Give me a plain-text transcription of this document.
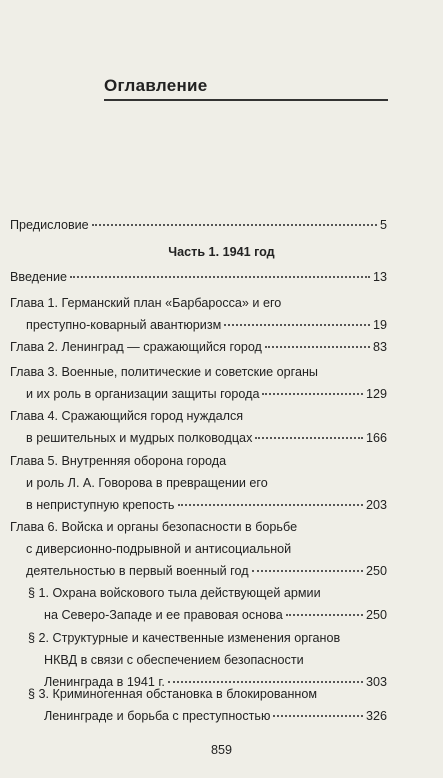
Оглавление
Предисловие	5
Часть 1. 1941 год
Введение	13
Глава 1. Германский план «Барбаросса» и его
преступно-коварный авантюризм	19
Глава 2. Ленинград — сражающийся город	83
Глава 3. Военные, политические и советские органы
и их роль в организации защиты города	129
Глава 4. Сражающийся город нуждался
в решительных и мудрых полководцах	166
Глава 5. Внутренняя оборона города
и роль Л. А. Говорова в превращении его
в неприступную крепость	203
Глава 6. Войска и органы безопасности в борьбе
с диверсионно-подрывной и антисоциальной
деятельностью в первый военный год	250
§ 1. Охрана войскового тыла действующей армии
на Северо-Западе и ее правовая основа	250
§ 2. Структурные и качественные изменения органов
НКВД в связи с обеспечением безопасности
Ленинграда в 1941 г.	303
§ 3. Криминогенная обстановка в блокированном
Ленинграде и борьба с преступностью	326
859
